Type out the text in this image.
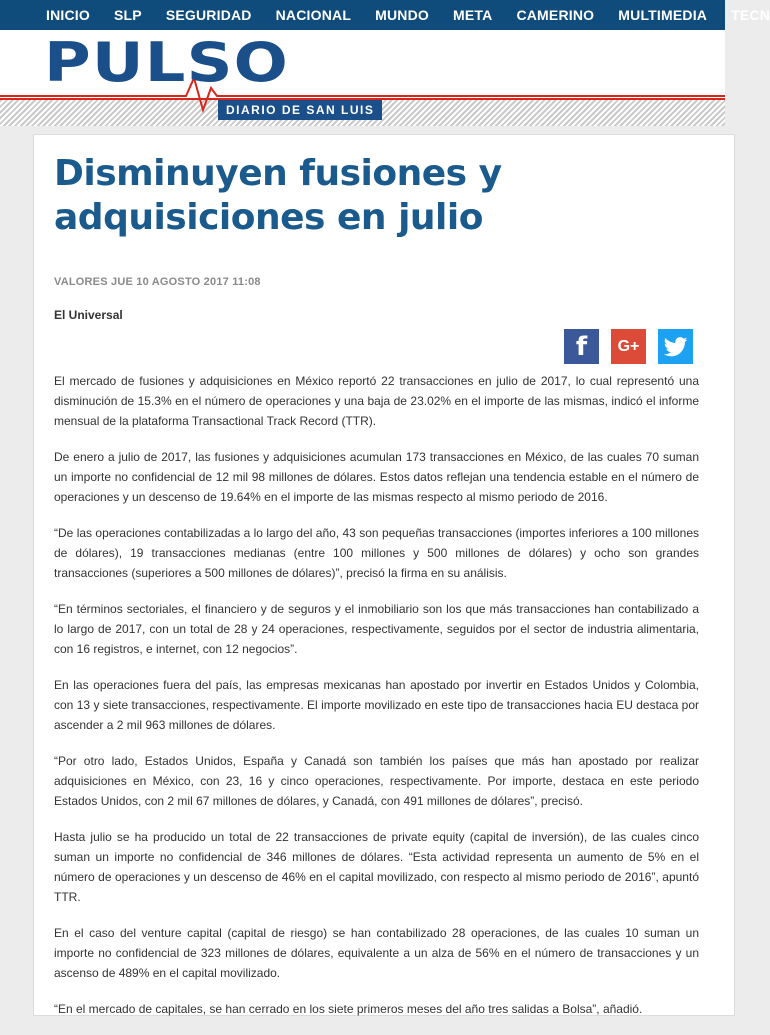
INICIO SLP SEGURIDAD NACIONAL MUNDO META CAMERINO MULTIMEDIA TECN
PULSO
DIARIO DE SAN LUIS
Disminuyen fusiones y adquisiciones en julio
VALORES JUE 10 AGOSTO 2017 11:08
El Universal
f G+

El mercado de fusiones y adquisiciones en México reportó 22 transacciones en julio de 2017, lo cual representó una disminución de 15.3% en el número de operaciones y una baja de 23.02% en el importe de las mismas, indicó el informe mensual de la plataforma Transactional Track Record (TTR).

De enero a julio de 2017, las fusiones y adquisiciones acumulan 173 transacciones en México, de las cuales 70 suman un importe no confidencial de 12 mil 98 millones de dólares. Estos datos reflejan una tendencia estable en el número de operaciones y un descenso de 19.64% en el importe de las mismas respecto al mismo periodo de 2016.

“De las operaciones contabilizadas a lo largo del año, 43 son pequeñas transacciones (importes inferiores a 100 millones de dólares), 19 transacciones medianas (entre 100 millones y 500 millones de dólares) y ocho son grandes transacciones (superiores a 500 millones de dólares)”, precisó la firma en su análisis.

“En términos sectoriales, el financiero y de seguros y el inmobiliario son los que más transacciones han contabilizado a lo largo de 2017, con un total de 28 y 24 operaciones, respectivamente, seguidos por el sector de industria alimentaria, con 16 registros, e internet, con 12 negocios”.

En las operaciones fuera del país, las empresas mexicanas han apostado por invertir en Estados Unidos y Colombia, con 13 y siete transacciones, respectivamente. El importe movilizado en este tipo de transacciones hacia EU destaca por ascender a 2 mil 963 millones de dólares.

“Por otro lado, Estados Unidos, España y Canadá son también los países que más han apostado por realizar adquisiciones en México, con 23, 16 y cinco operaciones, respectivamente. Por importe, destaca en este periodo Estados Unidos, con 2 mil 67 millones de dólares, y Canadá, con 491 millones de dólares”, precisó.

Hasta julio se ha producido un total de 22 transacciones de private equity (capital de inversión), de las cuales cinco suman un importe no confidencial de 346 millones de dólares. “Esta actividad representa un aumento de 5% en el número de operaciones y un descenso de 46% en el capital movilizado, con respecto al mismo periodo de 2016”, apuntó TTR.

En el caso del venture capital (capital de riesgo) se han contabilizado 28 operaciones, de las cuales 10 suman un importe no confidencial de 323 millones de dólares, equivalente a un alza de 56% en el número de transacciones y un ascenso de 489% en el capital movilizado.

“En el mercado de capitales, se han cerrado en los siete primeros meses del año tres salidas a Bolsa”, añadió.
